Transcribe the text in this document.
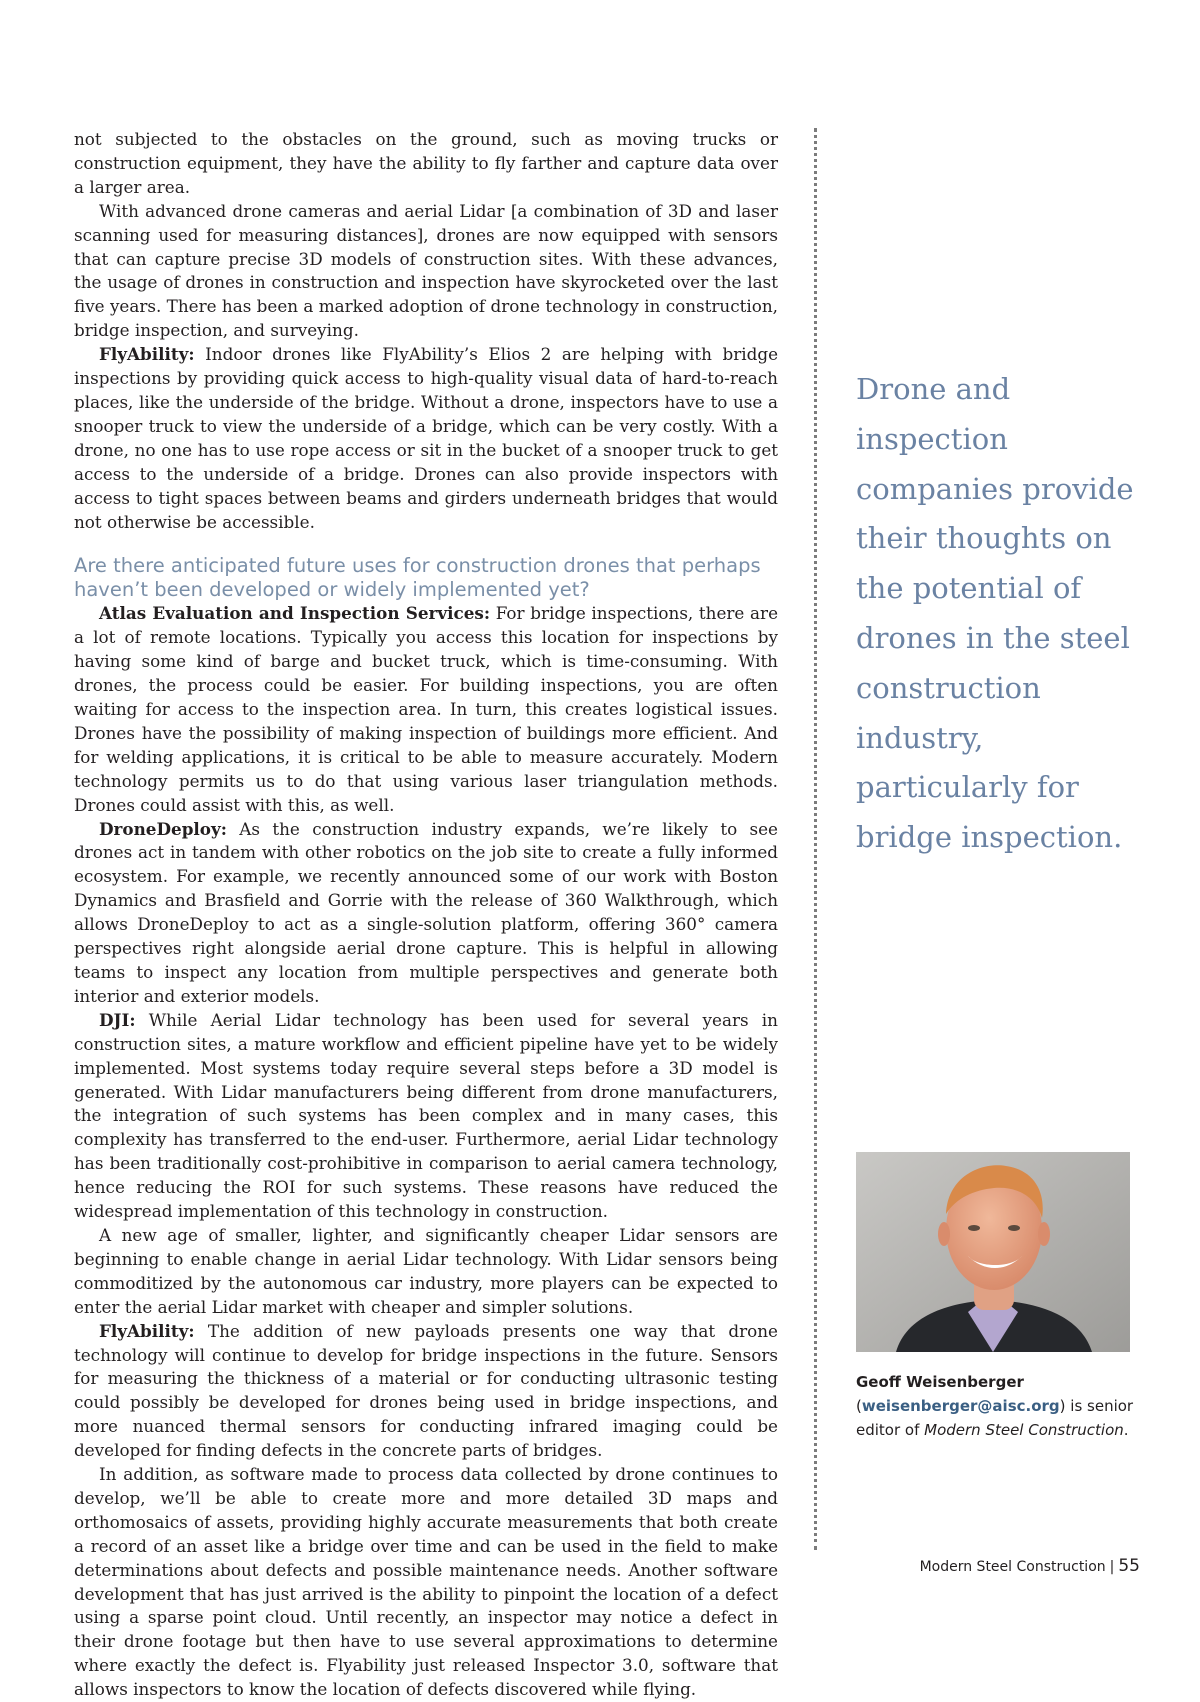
not subjected to the obstacles on the ground, such as moving trucks or construction equipment, they have the ability to fly farther and capture data over a larger area.

With advanced drone cameras and aerial Lidar [a combination of 3D and laser scanning used for measuring distances], drones are now equipped with sensors that can capture precise 3D models of construction sites. With these advances, the usage of drones in construction and inspection have skyrocketed over the last five years. There has been a marked adoption of drone technology in construction, bridge inspection, and surveying.

FlyAbility: Indoor drones like FlyAbility’s Elios 2 are helping with bridge inspections by providing quick access to high-quality visual data of hard-to-reach places, like the underside of the bridge. Without a drone, inspectors have to use a snooper truck to view the underside of a bridge, which can be very costly. With a drone, no one has to use rope access or sit in the bucket of a snooper truck to get access to the underside of a bridge. Drones can also provide inspectors with access to tight spaces between beams and girders underneath bridges that would not otherwise be accessible.

Are there anticipated future uses for construction drones that perhaps haven’t been developed or widely implemented yet?

Atlas Evaluation and Inspection Services: For bridge inspections, there are a lot of remote locations. Typically you access this location for inspections by having some kind of barge and bucket truck, which is time-consuming. With drones, the process could be easier. For building inspections, you are often waiting for access to the inspection area. In turn, this creates logistical issues. Drones have the possibility of making inspection of buildings more efficient. And for welding applications, it is critical to be able to measure accurately. Modern technology permits us to do that using various laser triangulation methods. Drones could assist with this, as well.

DroneDeploy: As the construction industry expands, we’re likely to see drones act in tandem with other robotics on the job site to create a fully informed ecosystem. For example, we recently announced some of our work with Boston Dynamics and Brasfield and Gorrie with the release of 360 Walkthrough, which allows DroneDeploy to act as a single-solution platform, offering 360° camera perspectives right alongside aerial drone capture. This is helpful in allowing teams to inspect any location from multiple perspectives and generate both interior and exterior models.

DJI: While Aerial Lidar technology has been used for several years in construction sites, a mature workflow and efficient pipeline have yet to be widely implemented. Most systems today require several steps before a 3D model is generated. With Lidar manufacturers being different from drone manufacturers, the integration of such systems has been complex and in many cases, this complexity has transferred to the end-user. Furthermore, aerial Lidar technology has been traditionally cost-prohibitive in comparison to aerial camera technology, hence reducing the ROI for such systems. These reasons have reduced the widespread implementation of this technology in construction.

A new age of smaller, lighter, and significantly cheaper Lidar sensors are beginning to enable change in aerial Lidar technology. With Lidar sensors being commoditized by the autonomous car industry, more players can be expected to enter the aerial Lidar market with cheaper and simpler solutions.

FlyAbility: The addition of new payloads presents one way that drone technology will continue to develop for bridge inspections in the future. Sensors for measuring the thickness of a material or for conducting ultrasonic testing could possibly be developed for drones being used in bridge inspections, and more nuanced thermal sensors for conducting infrared imaging could be developed for finding defects in the concrete parts of bridges.

In addition, as software made to process data collected by drone continues to develop, we’ll be able to create more and more detailed 3D maps and orthomosaics of assets, providing highly accurate measurements that both create a record of an asset like a bridge over time and can be used in the field to make determinations about defects and possible maintenance needs. Another software development that has just arrived is the ability to pinpoint the location of a defect using a sparse point cloud. Until recently, an inspector may notice a defect in their drone footage but then have to use several approximations to determine where exactly the defect is. Flyability just released Inspector 3.0, software that allows inspectors to know the location of defects discovered while flying.

Drone and inspection companies provide their thoughts on the potential of drones in the steel construction industry, particularly for bridge inspection.

Geoff Weisenberger
(weisenberger@aisc.org) is senior editor of Modern Steel Construction.
Modern Steel Construction | 55
